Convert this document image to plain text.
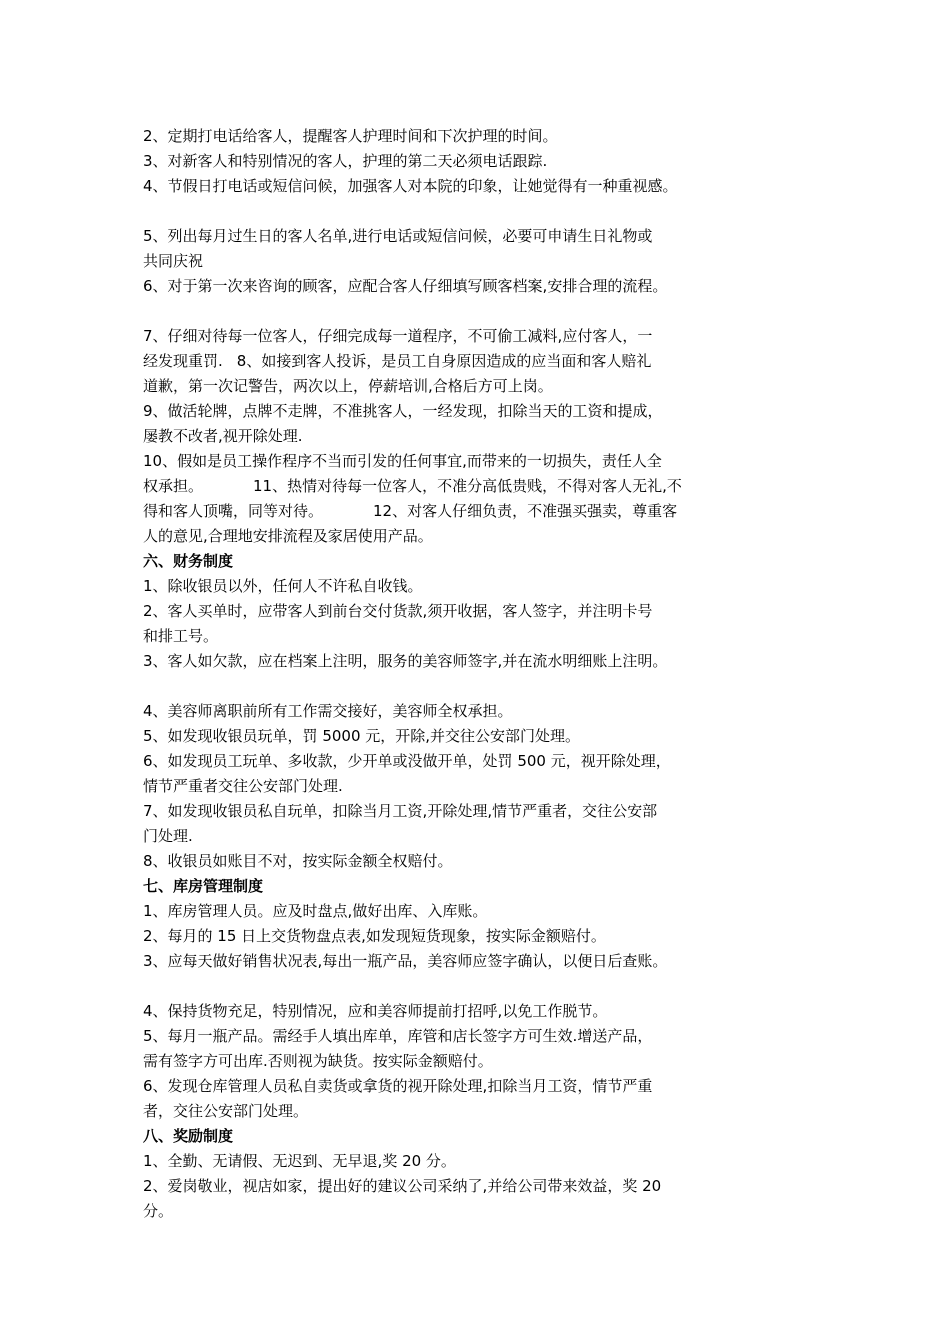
2、定期打电话给客人，提醒客人护理时间和下次护理的时间。
3、对新客人和特别情况的客人，护理的第二天必须电话跟踪.
4、节假日打电话或短信问候，加强客人对本院的印象，让她觉得有一种重视感。
5、列出每月过生日的客人名单,进行电话或短信问候，必要可申请生日礼物或
共同庆祝
6、对于第一次来咨询的顾客，应配合客人仔细填写顾客档案,安排合理的流程。
7、仔细对待每一位客人，仔细完成每一道程序，不可偷工减料,应付客人，一
经发现重罚. 8、如接到客人投诉，是员工自身原因造成的应当面和客人赔礼
道歉，第一次记警告，两次以上，停薪培训,合格后方可上岗。
9、做活轮牌，点牌不走牌，不准挑客人，一经发现，扣除当天的工资和提成，
屡教不改者,视开除处理.
10、假如是员工操作程序不当而引发的任何事宜,而带来的一切损失，责任人全
权承担。	11、热情对待每一位客人，不准分高低贵贱，不得对客人无礼,不
得和客人顶嘴，同等对待。	12、对客人仔细负责，不准强买强卖，尊重客
人的意见,合理地安排流程及家居使用产品。
六、财务制度
1、除收银员以外，任何人不许私自收钱。
2、客人买单时，应带客人到前台交付货款,须开收据，客人签字，并注明卡号
和排工号。
3、客人如欠款，应在档案上注明，服务的美容师签字,并在流水明细账上注明。
4、美容师离职前所有工作需交接好，美容师全权承担。
5、如发现收银员玩单，罚 5000 元，开除,并交往公安部门处理。
6、如发现员工玩单、多收款，少开单或没做开单，处罚 500 元，视开除处理，
情节严重者交往公安部门处理.
7、如发现收银员私自玩单，扣除当月工资,开除处理,情节严重者，交往公安部
门处理.
8、收银员如账目不对，按实际金额全权赔付。
七、库房管理制度
1、库房管理人员。应及时盘点,做好出库、入库账。
2、每月的 15 日上交货物盘点表,如发现短货现象，按实际金额赔付。
3、应每天做好销售状况表,每出一瓶产品，美容师应签字确认，以便日后查账。
4、保持货物充足，特别情况，应和美容师提前打招呼,以免工作脱节。
5、每月一瓶产品。需经手人填出库单，库管和店长签字方可生效.增送产品，
需有签字方可出库.否则视为缺货。按实际金额赔付。
6、发现仓库管理人员私自卖货或拿货的视开除处理,扣除当月工资，情节严重
者，交往公安部门处理。
八、奖励制度
1、全勤、无请假、无迟到、无早退,奖 20 分。
2、爱岗敬业，视店如家，提出好的建议公司采纳了,并给公司带来效益，奖 20
分。
